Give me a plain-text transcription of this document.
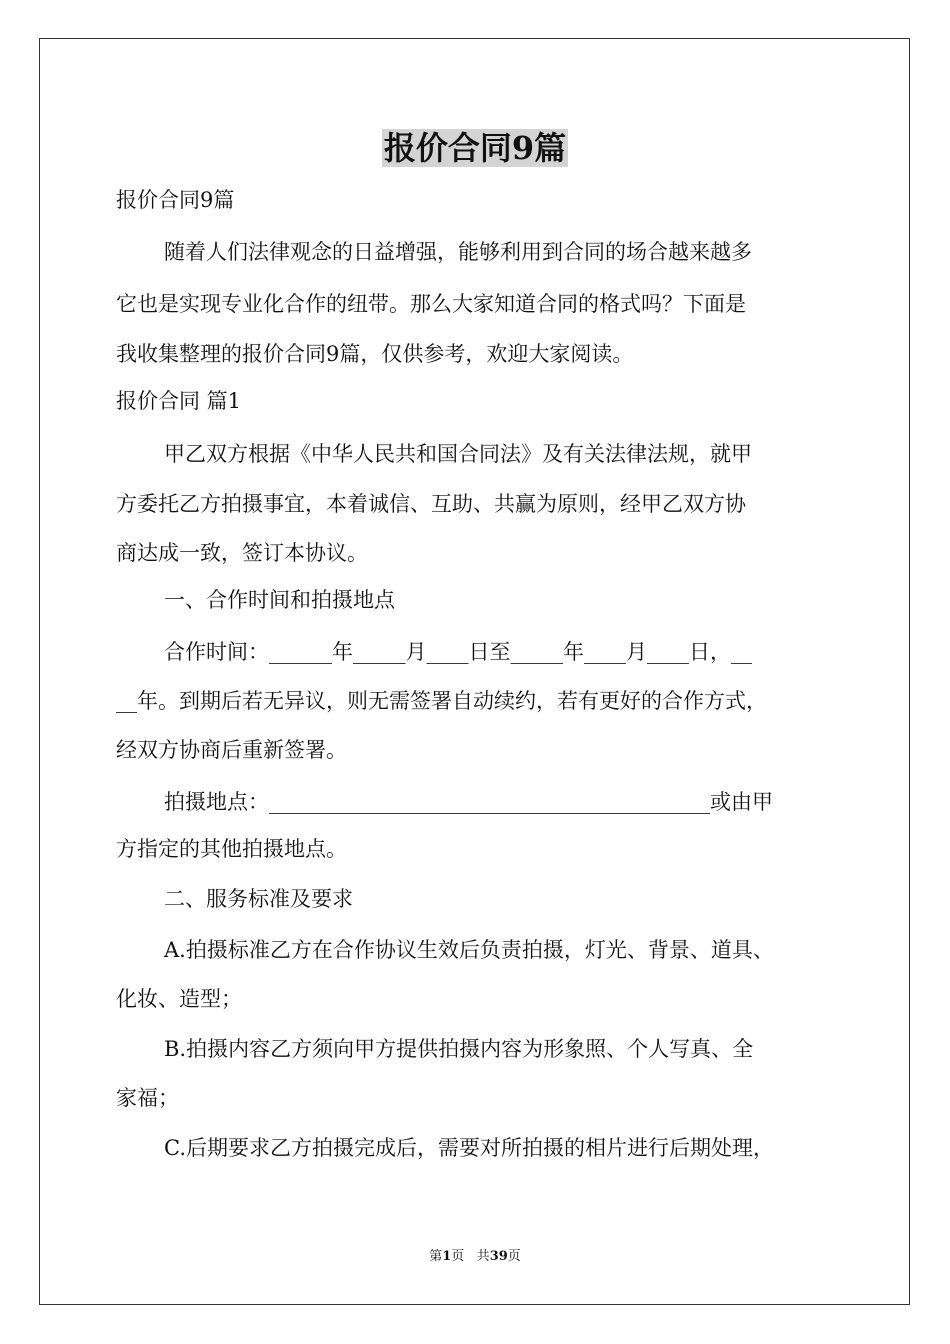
报价合同9篇

报价合同9篇

随着人们法律观念的日益增强，能够利用到合同的场合越来越多

它也是实现专业化合作的纽带。那么大家知道合同的格式吗？下面是

我收集整理的报价合同9篇，仅供参考，欢迎大家阅读。

报价合同 篇1

甲乙双方根据《中华人民共和国合同法》及有关法律法规，就甲

方委托乙方拍摄事宜，本着诚信、互助、共赢为原则，经甲乙双方协

商达成一致，签订本协议。

一、合作时间和拍摄地点

合作时间：______年_____月____日至_____年____月____日，__

__年。到期后若无异议，则无需签署自动续约，若有更好的合作方式，

经双方协商后重新签署。

拍摄地点：__________________________________________或由甲

方指定的其他拍摄地点。

二、服务标准及要求

A.拍摄标准乙方在合作协议生效后负责拍摄，灯光、背景、道具、

化妆、造型；

B.拍摄内容乙方须向甲方提供拍摄内容为形象照、个人写真、全

家福；

C.后期要求乙方拍摄完成后，需要对所拍摄的相片进行后期处理，

第1页 共39页
